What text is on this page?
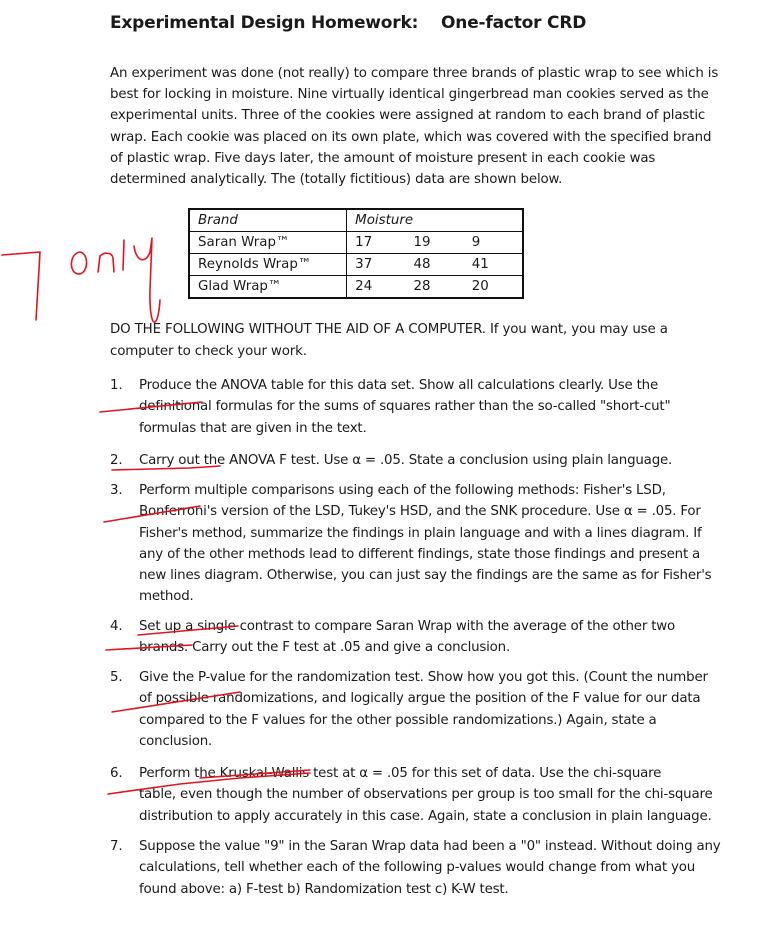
Experimental Design Homework:    One-factor CRD
An experiment was done (not really) to compare three brands of plastic wrap to see which is
best for locking in moisture. Nine virtually identical gingerbread man cookies served as the
experimental units. Three of the cookies were assigned at random to each brand of plastic
wrap. Each cookie was placed on its own plate, which was covered with the specified brand
of plastic wrap. Five days later, the amount of moisture present in each cookie was
determined analytically. The (totally fictitious) data are shown below.
Brand	Moisture		
Saran Wrap™	17	19	9
Reynolds Wrap™	37	48	41
Glad Wrap™	24	28	20
DO THE FOLLOWING WITHOUT THE AID OF A COMPUTER. If you want, you may use a
computer to check your work.
1. Produce the ANOVA table for this data set. Show all calculations clearly. Use the
definitional formulas for the sums of squares rather than the so-called "short-cut"
formulas that are given in the text.
2. Carry out the ANOVA F test. Use α = .05. State a conclusion using plain language.
3. Perform multiple comparisons using each of the following methods: Fisher's LSD,
Bonferroni's version of the LSD, Tukey's HSD, and the SNK procedure. Use α = .05. For
Fisher's method, summarize the findings in plain language and with a lines diagram. If
any of the other methods lead to different findings, state those findings and present a
new lines diagram. Otherwise, you can just say the findings are the same as for Fisher's
method.
4. Set up a single contrast to compare Saran Wrap with the average of the other two
brands. Carry out the F test at .05 and give a conclusion.
5. Give the P-value for the randomization test. Show how you got this. (Count the number
of possible randomizations, and logically argue the position of the F value for our data
compared to the F values for the other possible randomizations.) Again, state a
conclusion.
6. Perform the Kruskal-Wallis test at α = .05 for this set of data. Use the chi-square
table, even though the number of observations per group is too small for the chi-square
distribution to apply accurately in this case. Again, state a conclusion in plain language.
7. Suppose the value "9" in the Saran Wrap data had been a "0" instead. Without doing any
calculations, tell whether each of the following p-values would change from what you
found above: a) F-test b) Randomization test c) K-W test.
